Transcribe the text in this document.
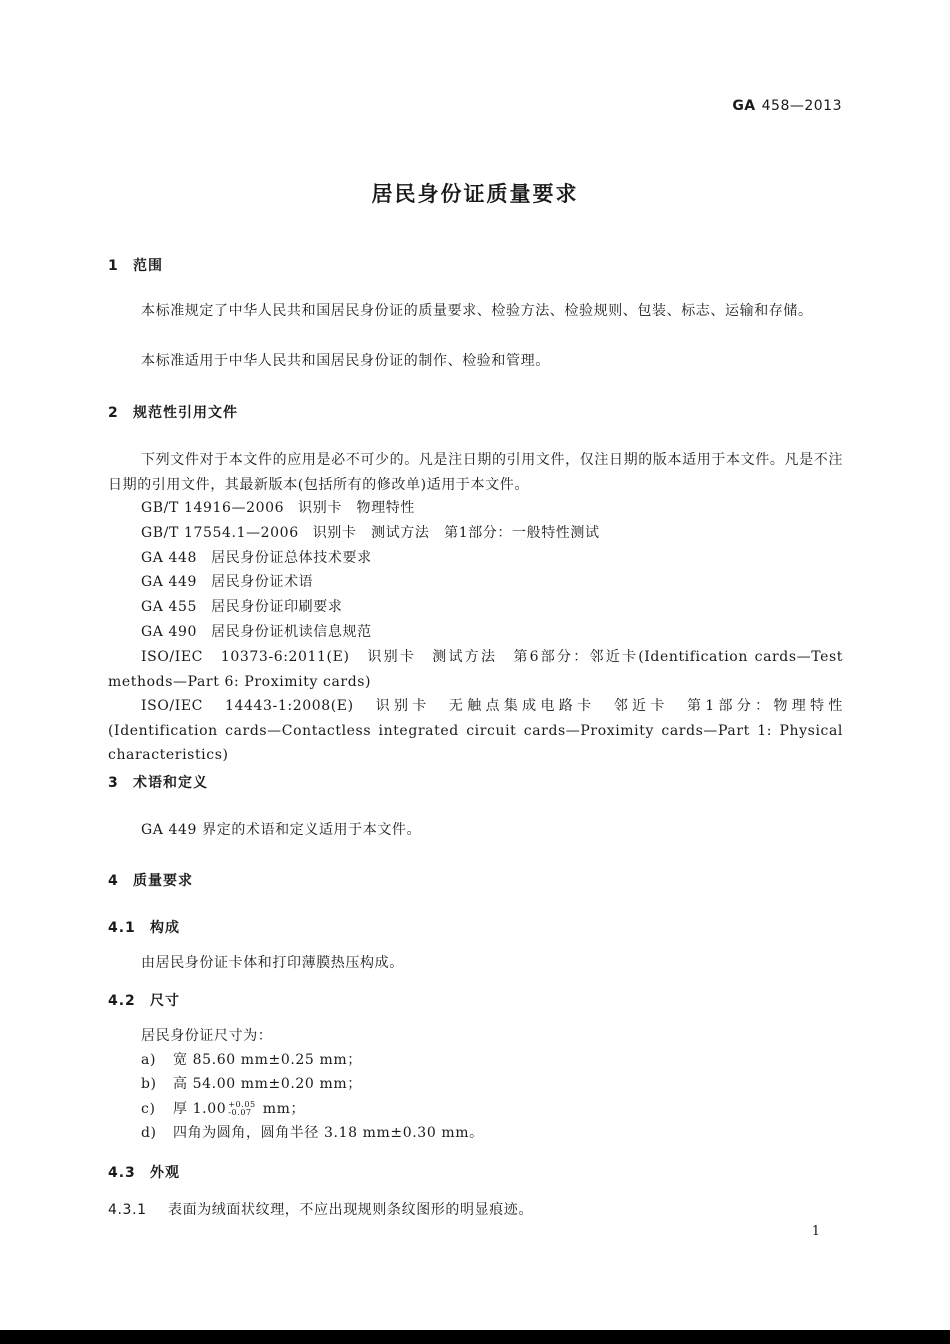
GA 458—2013
居民身份证质量要求
1 范围
本标准规定了中华人民共和国居民身份证的质量要求、检验方法、检验规则、包装、标志、运输和存储。
本标准适用于中华人民共和国居民身份证的制作、检验和管理。
2 规范性引用文件
下列文件对于本文件的应用是必不可少的。凡是注日期的引用文件，仅注日期的版本适用于本文件。凡是不注日期的引用文件，其最新版本(包括所有的修改单)适用于本文件。
GB/T 14916—2006 识别卡　物理特性
GB/T 17554.1—2006 识别卡　测试方法　第1部分：一般特性测试
GA 448 居民身份证总体技术要求
GA 449 居民身份证术语
GA 455 居民身份证印刷要求
GA 490 居民身份证机读信息规范
ISO/IEC　10373-6:2011(E)　识别卡　测试方法　第6部分：邻近卡(Identification cards—Test methods—Part 6: Proximity cards)
ISO/IEC　14443-1:2008(E)　识别卡　无触点集成电路卡　邻近卡　第1部分：物理特性(Identification cards—Contactless integrated circuit cards—Proximity cards—Part 1: Physical characteristics)
3 术语和定义
GA 449 界定的术语和定义适用于本文件。
4 质量要求
4.1 构成
由居民身份证卡体和打印薄膜热压构成。
4.2 尺寸
居民身份证尺寸为：
a) 宽 85.60 mm±0.25 mm；
b) 高 54.00 mm±0.20 mm；
c) 厚 1.00 +0.05
-0.07 mm；
d) 四角为圆角，圆角半径 3.18 mm±0.30 mm。
4.3 外观
4.3.1 表面为绒面状纹理，不应出现规则条纹图形的明显痕迹。
1
